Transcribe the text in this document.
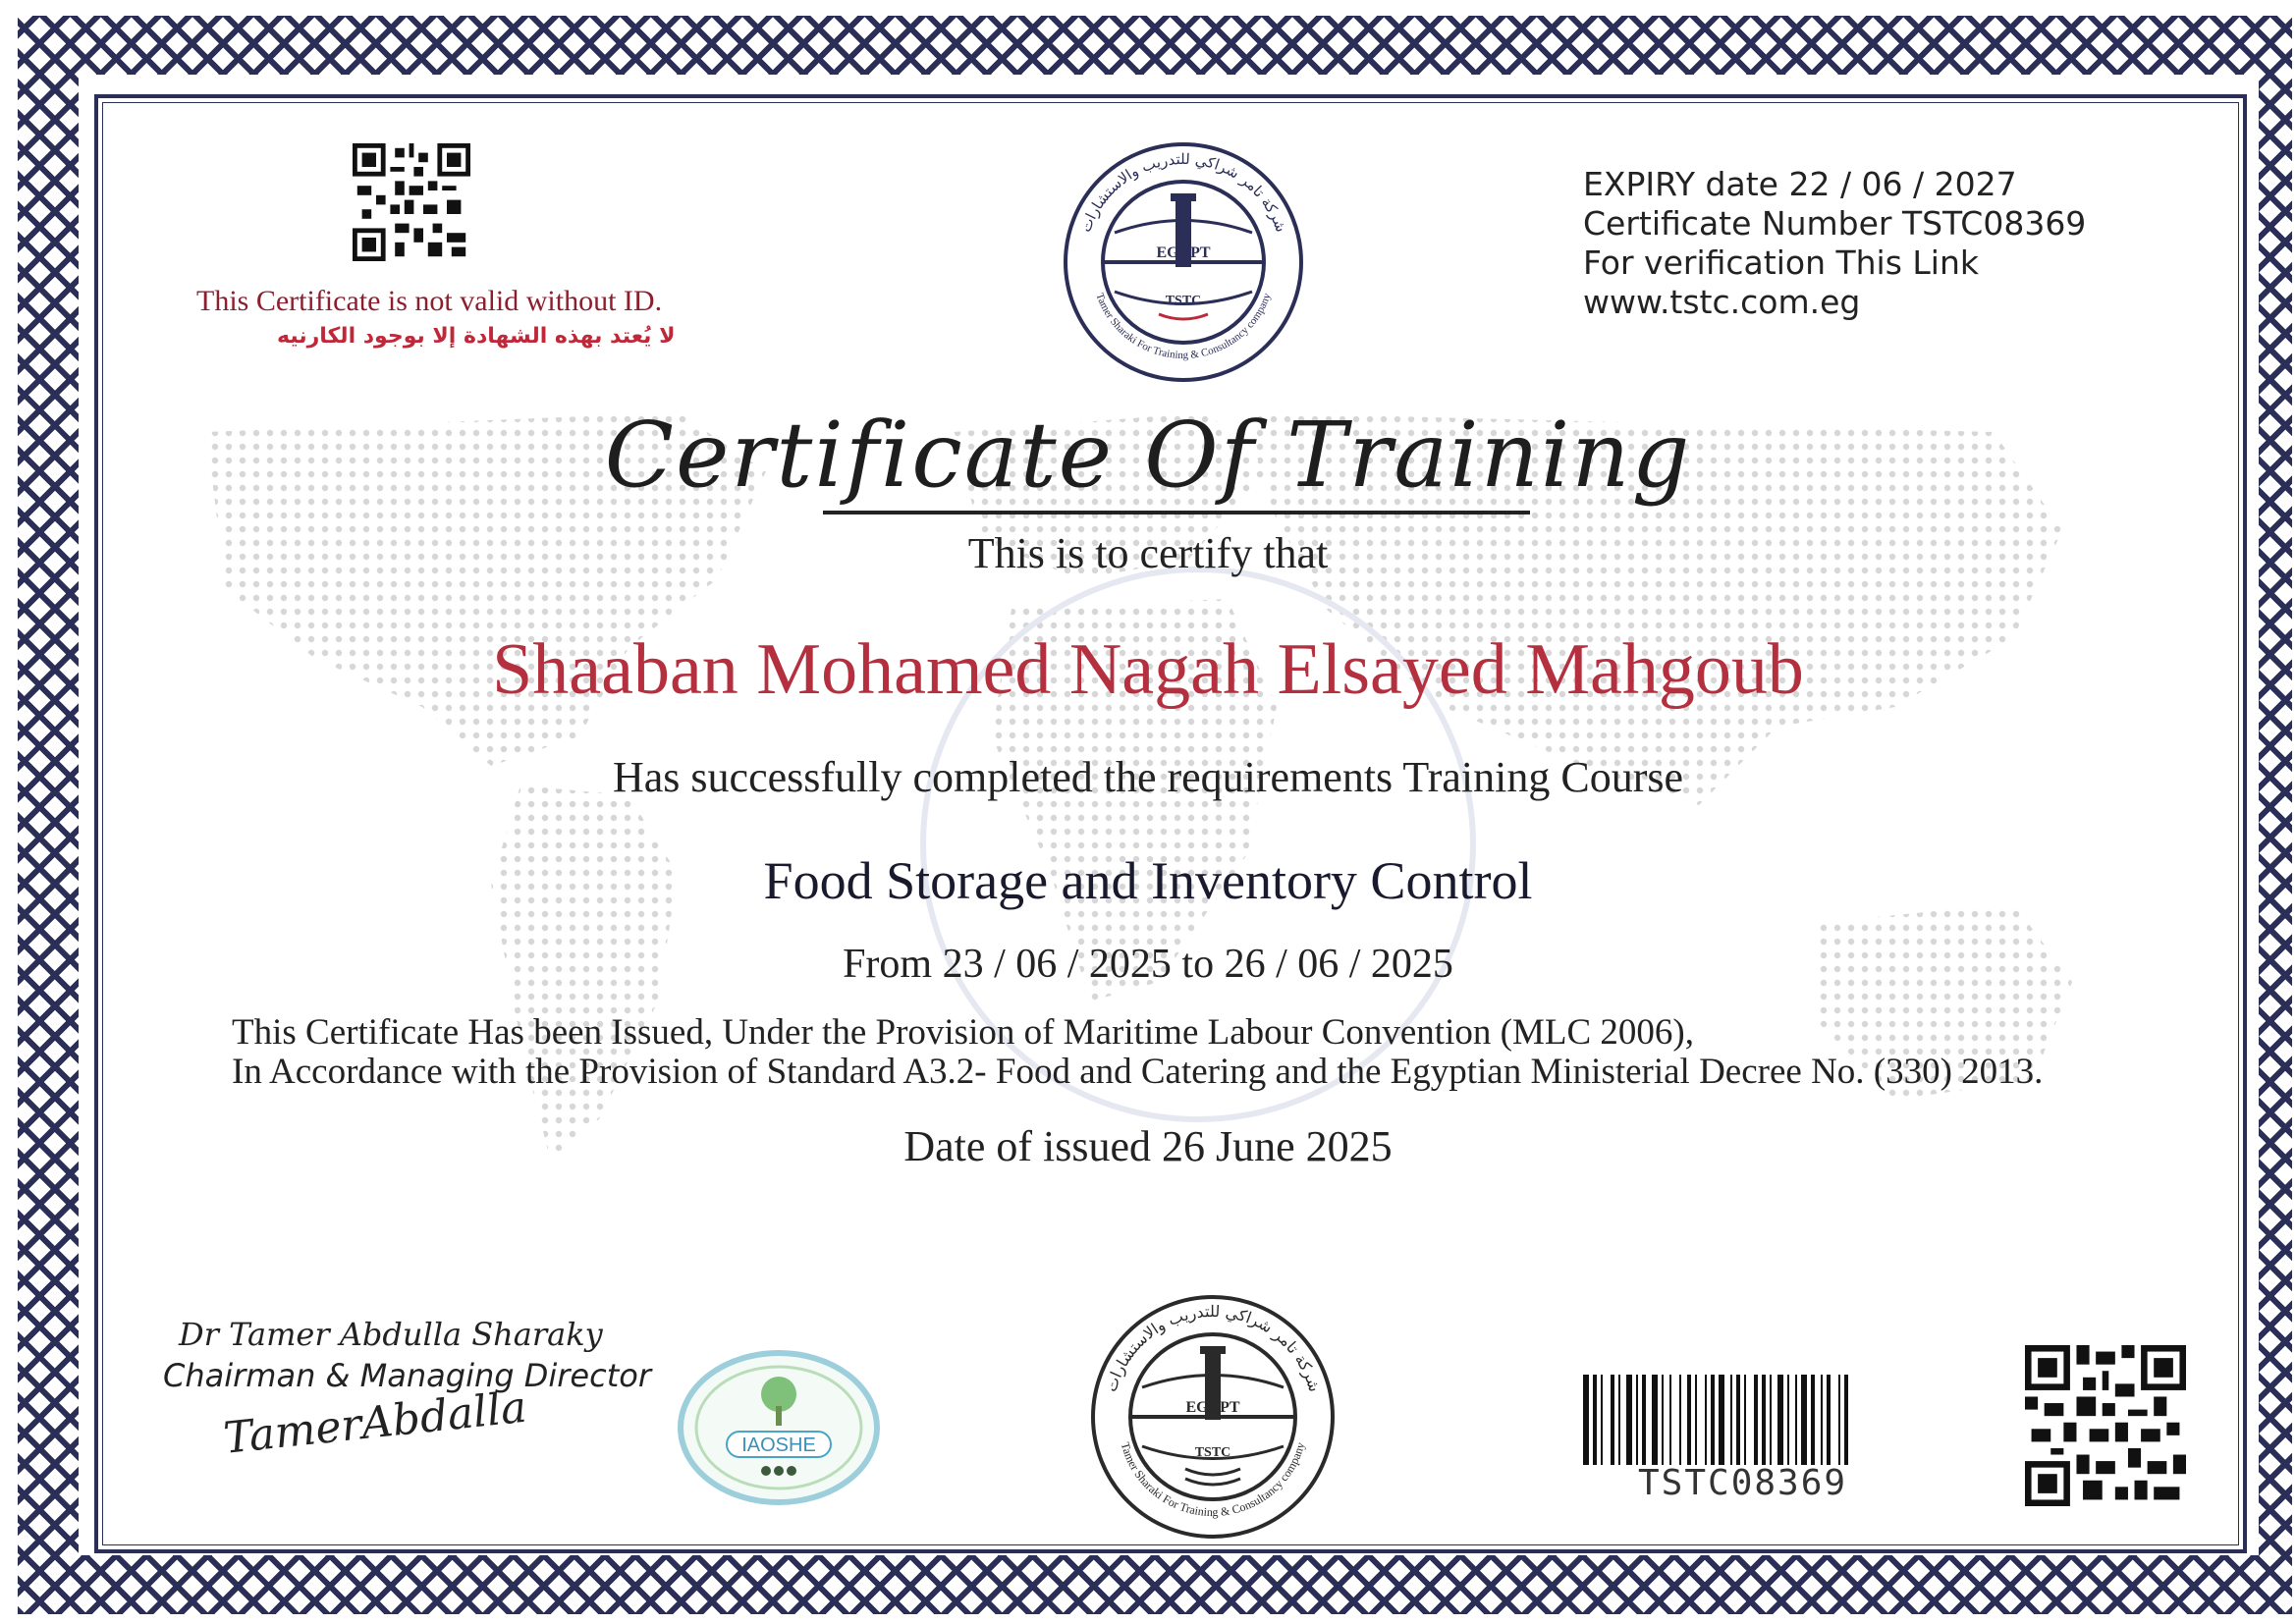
This Certificate is not valid without ID.
لا يُعتد بهذه الشهادة إلا بوجود الكارنيه
EGYPT
TSTC
شركة تامر شراكي للتدريب والاستشارات
Tamer Sharaki For Training & Consultancy company
EXPIRY date 22 / 06 / 2027
Certificate Number TSTC08369
For verification This Link
www.tstc.com.eg
Certificate Of Training
This is to certify that
Shaaban Mohamed Nagah Elsayed Mahgoub
Has successfully completed the requirements Training Course
Food Storage and Inventory Control
From 23 / 06 / 2025 to 26 / 06 / 2025
This Certificate Has been Issued, Under the Provision of Maritime Labour Convention (MLC 2006),
In Accordance with the Provision of Standard A3.2- Food and Catering and the Egyptian Ministerial Decree No. (330) 2013.
Date of issued 26 June 2025
Dr Tamer Abdulla Sharaky
Chairman & Managing Director
TamerAbdalla	IAOSHE
EGYPT
TSTC
شركة تامر شراكي للتدريب والاستشارات
Tamer Sharaki For Training & Consultancy company
TSTC08369
